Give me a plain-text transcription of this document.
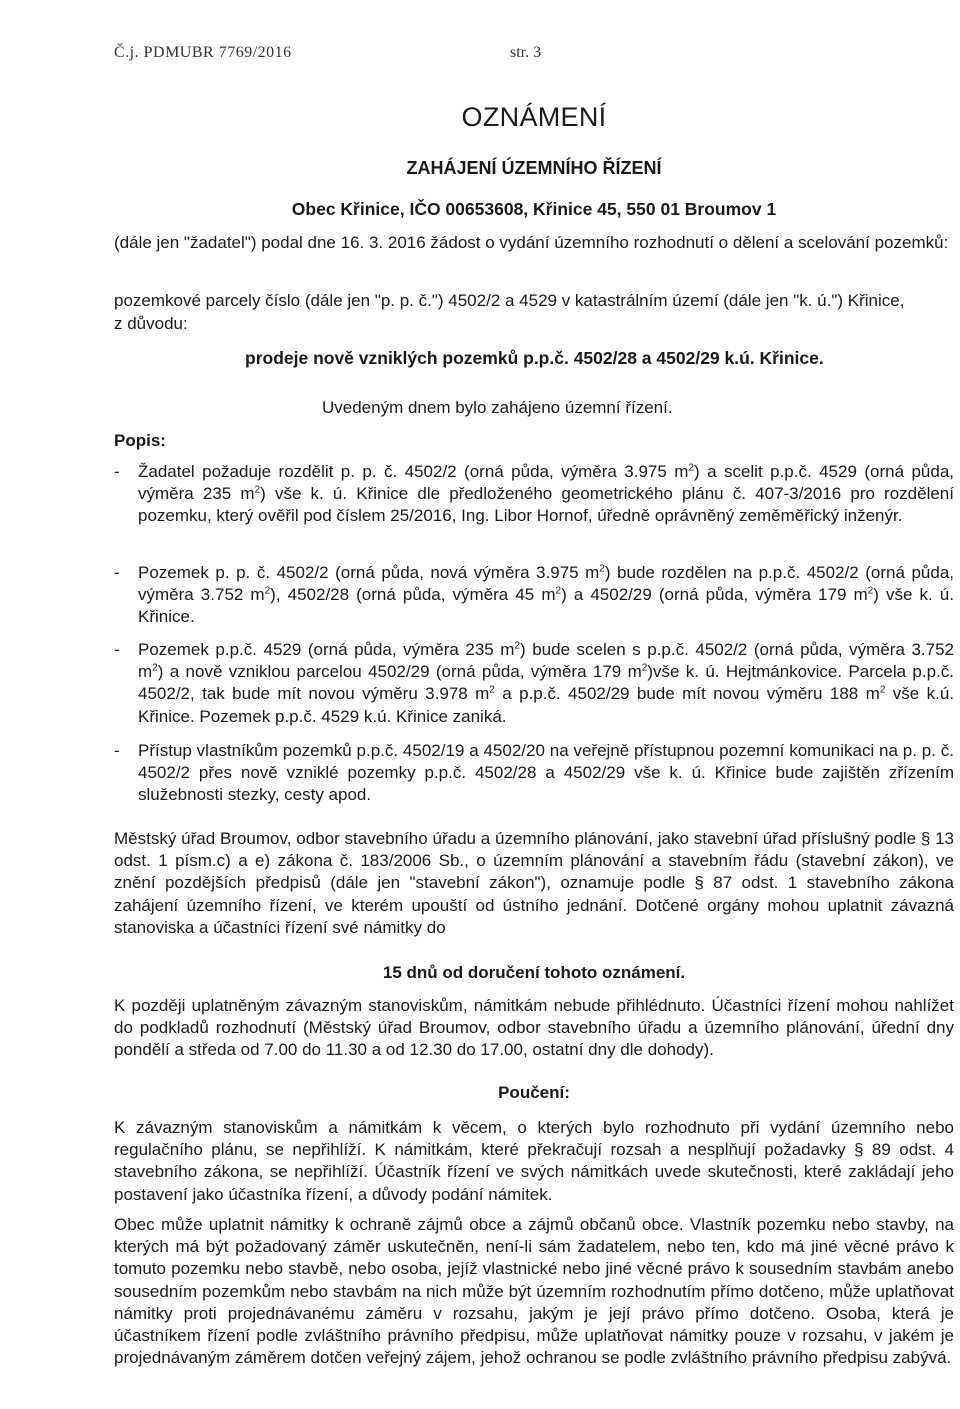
Č.j. PDMUBR 7769/2016	str. 3
OZNÁMENÍ
ZAHÁJENÍ ÚZEMNÍHO ŘÍZENÍ
Obec Křinice, IČO 00653608, Křinice 45, 550 01 Broumov 1
(dále jen "žadatel") podal dne 16. 3. 2016 žádost o vydání územního rozhodnutí o dělení a scelování pozemků:
pozemkové parcely číslo (dále jen "p. p. č.") 4502/2 a 4529 v katastrálním území (dále jen "k. ú.") Křinice,
z důvodu:
prodeje nově vzniklých pozemků p.p.č. 4502/28 a 4502/29 k.ú. Křinice.
Uvedeným dnem bylo zahájeno územní řízení.
Popis:
- Žadatel požaduje rozdělit p. p. č. 4502/2 (orná půda, výměra 3.975 $m^2$) a scelit p.p.č. 4529 (orná půda, výměra 235 $m^2$) vše k. ú. Křinice dle předloženého geometrického plánu č. 407-3/2016 pro rozdělení pozemku, který ověřil pod číslem 25/2016, Ing. Libor Hornof, úředně oprávněný zeměměřický inženýr.
- Pozemek p. p. č. 4502/2 (orná půda, nová výměra 3.975 $m^2$) bude rozdělen na p.p.č. 4502/2 (orná půda, výměra 3.752 $m^2$), 4502/28 (orná půda, výměra 45 $m^2$) a 4502/29 (orná půda, výměra 179 $m^2$) vše k. ú. Křinice.
- Pozemek p.p.č. 4529 (orná půda, výměra 235 $m^2$) bude scelen s p.p.č. 4502/2 (orná půda, výměra 3.752 $m^2$) a nově vzniklou parcelou 4502/29 (orná půda, výměra 179 $m^2)vše$ k. ú. Hejtmánkovice. Parcela p.p.č. 4502/2, tak bude mít novou výměru 3.978 $m^2$ a p.p.č. 4502/29 bude mít novou výměru 188 $m^2$ vše k.ú. Křinice. Pozemek p.p.č. 4529 k.ú. Křinice zaniká.
- Přístup vlastníkům pozemků p.p.č. 4502/19 a 4502/20 na veřejně přístupnou pozemní komunikaci na p. p. č. 4502/2 přes nově vzniklé pozemky p.p.č. 4502/28 a 4502/29 vše k. ú. Křinice bude zajištěn zřízením služebnosti stezky, cesty apod.
Městský úřad Broumov, odbor stavebního úřadu a územního plánování, jako stavební úřad příslušný podle § 13 odst. 1 písm.c) a e) zákona č. 183/2006 Sb., o územním plánování a stavebním řádu (stavební zákon), ve znění pozdějších předpisů (dále jen "stavební zákon"), oznamuje podle § 87 odst. 1 stavebního zákona zahájení územního řízení, ve kterém upouští od ústního jednání. Dotčené orgány mohou uplatnit závazná stanoviska a účastníci řízení své námitky do
15 dnů od doručení tohoto oznámení.
K později uplatněným závazným stanoviskům, námitkám nebude přihlédnuto. Účastníci řízení mohou nahlížet do podkladů rozhodnutí (Městský úřad Broumov, odbor stavebního úřadu a územního plánování, úřední dny pondělí a středa od 7.00 do 11.30 a od 12.30 do 17.00, ostatní dny dle dohody).
Poučení:
K závazným stanoviskům a námitkám k věcem, o kterých bylo rozhodnuto při vydání územního nebo regulačního plánu, se nepřihlíží. K námitkám, které překračují rozsah a nesplňují požadavky § 89 odst. 4 stavebního zákona, se nepřihlíží. Účastník řízení ve svých námitkách uvede skutečnosti, které zakládají jeho postavení jako účastníka řízení, a důvody podání námitek.
Obec může uplatnit námitky k ochraně zájmů obce a zájmů občanů obce. Vlastník pozemku nebo stavby, na kterých má být požadovaný záměr uskutečněn, není-li sám žadatelem, nebo ten, kdo má jiné věcné právo k tomuto pozemku nebo stavbě, nebo osoba, jejíž vlastnické nebo jiné věcné právo k sousedním stavbám anebo sousedním pozemkům nebo stavbám na nich může být územním rozhodnutím přímo dotčeno, může uplatňovat námitky proti projednávanému záměru v rozsahu, jakým je její právo přímo dotčeno. Osoba, která je účastníkem řízení podle zvláštního právního předpisu, může uplatňovat námitky pouze v rozsahu, v jakém je projednávaným záměrem dotčen veřejný zájem, jehož ochranou se podle zvláštního právního předpisu zabývá.
